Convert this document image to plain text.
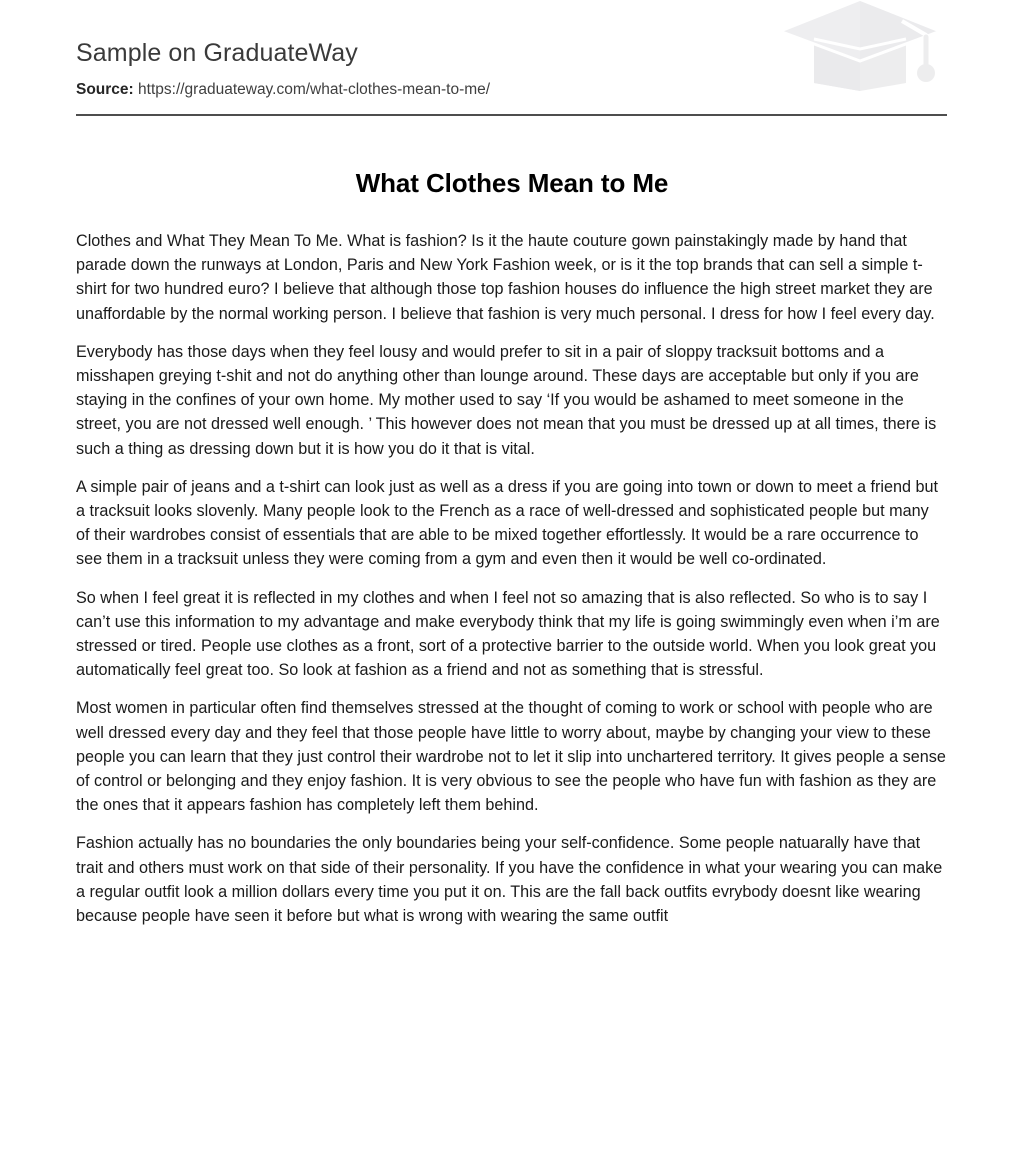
Sample on GraduateWay
Source: https://graduateway.com/what-clothes-mean-to-me/
What Clothes Mean to Me

Clothes and What They Mean To Me. What is fashion? Is it the haute couture gown painstakingly made by hand that parade down the runways at London, Paris and New York Fashion week, or is it the top brands that can sell a simple t-shirt for two hundred euro? I believe that although those top fashion houses do influence the high street market they are unaffordable by the normal working person. I believe that fashion is very much personal. I dress for how I feel every day.

Everybody has those days when they feel lousy and would prefer to sit in a pair of sloppy tracksuit bottoms and a misshapen greying t-shit and not do anything other than lounge around. These days are acceptable but only if you are staying in the confines of your own home. My mother used to say ‘If you would be ashamed to meet someone in the street, you are not dressed well enough. ’ This however does not mean that you must be dressed up at all times, there is such a thing as dressing down but it is how you do it that is vital.

A simple pair of jeans and a t-shirt can look just as well as a dress if you are going into town or down to meet a friend but a tracksuit looks slovenly. Many people look to the French as a race of well-dressed and sophisticated people but many of their wardrobes consist of essentials that are able to be mixed together effortlessly. It would be a rare occurrence to see them in a tracksuit unless they were coming from a gym and even then it would be well co-ordinated.

So when I feel great it is reflected in my clothes and when I feel not so amazing that is also reflected. So who is to say I can’t use this information to my advantage and make everybody think that my life is going swimmingly even when i’m are stressed or tired. People use clothes as a front, sort of a protective barrier to the outside world. When you look great you automatically feel great too. So look at fashion as a friend and not as something that is stressful.

Most women in particular often find themselves stressed at the thought of coming to work or school with people who are well dressed every day and they feel that those people have little to worry about, maybe by changing your view to these people you can learn that they just control their wardrobe not to let it slip into unchartered territory. It gives people a sense of control or belonging and they enjoy fashion. It is very obvious to see the people who have fun with fashion as they are the ones that it appears fashion has completely left them behind.

Fashion actually has no boundaries the only boundaries being your self-confidence. Some people natuarally have that trait and others must work on that side of their personality. If you have the confidence in what your wearing you can make a regular outfit look a million dollars every time you put it on. This are the fall back outfits evrybody doesnt like wearing because people have seen it before but what is wrong with wearing the same outfit
